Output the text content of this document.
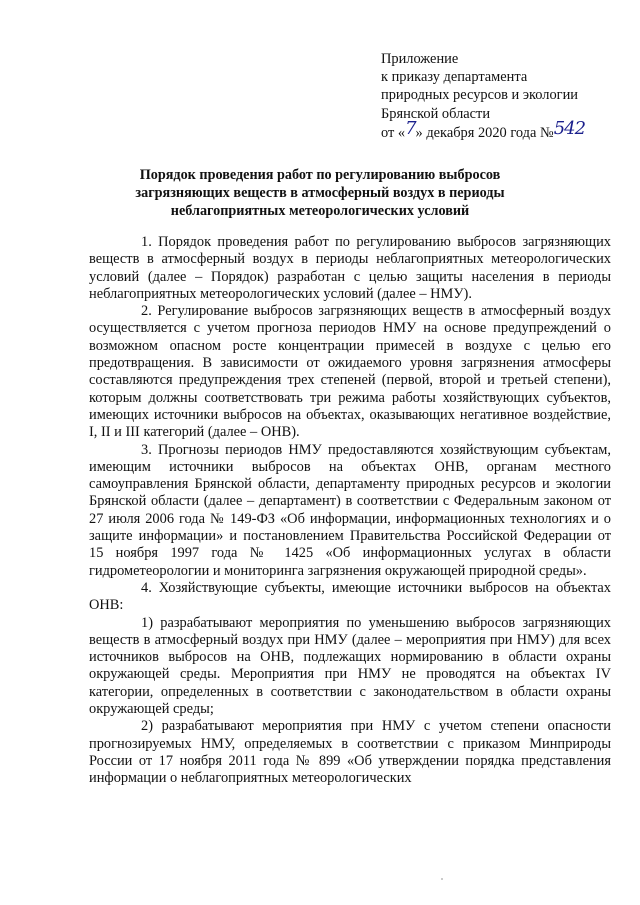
Приложение
к приказу департамента
природных ресурсов и экологии
Брянской области
от «7» декабря 2020 года №542
Порядок проведения работ по регулированию выбросов
загрязняющих веществ в атмосферный воздух в периоды
неблагоприятных метеорологических условий

1. Порядок проведения работ по регулированию выбросов загрязняющих веществ в атмосферный воздух в периоды неблагоприятных метеорологических условий (далее – Порядок) разработан с целью защиты населения в периоды неблагоприятных метеорологических условий (далее – НМУ).

2. Регулирование выбросов загрязняющих веществ в атмосферный воздух осуществляется с учетом прогноза периодов НМУ на основе предупреждений о возможном опасном росте концентрации примесей в воздухе с целью его предотвращения. В зависимости от ожидаемого уровня загрязнения атмосферы составляются предупреждения трех степеней (первой, второй и третьей степени), которым должны соответствовать три режима работы хозяйствующих субъектов, имеющих источники выбросов на объектах, оказывающих негативное воздействие, I, II и III категорий (далее – ОНВ).

3. Прогнозы периодов НМУ предоставляются хозяйствующим субъектам, имеющим источники выбросов на объектах ОНВ, органам местного самоуправления Брянской области, департаменту природных ресурсов и экологии Брянской области (далее – департамент) в соответствии с Федеральным законом от 27 июля 2006 года № 149-ФЗ «Об информации, информационных технологиях и о защите информации» и постановлением Правительства Российской Федерации от 15 ноября 1997 года № 1425 «Об информационных услугах в области гидрометеорологии и мониторинга загрязнения окружающей природной среды».

4. Хозяйствующие субъекты, имеющие источники выбросов на объектах ОНВ:

1) разрабатывают мероприятия по уменьшению выбросов загрязняющих веществ в атмосферный воздух при НМУ (далее – мероприятия при НМУ) для всех источников выбросов на ОНВ, подлежащих нормированию в области охраны окружающей среды. Мероприятия при НМУ не проводятся на объектах IV категории, определенных в соответствии с законодательством в области охраны окружающей среды;

2) разрабатывают мероприятия при НМУ с учетом степени опасности прогнозируемых НМУ, определяемых в соответствии с приказом Минприроды России от 17 ноября 2011 года № 899 «Об утверждении порядка представления информации о неблагоприятных метеорологических
